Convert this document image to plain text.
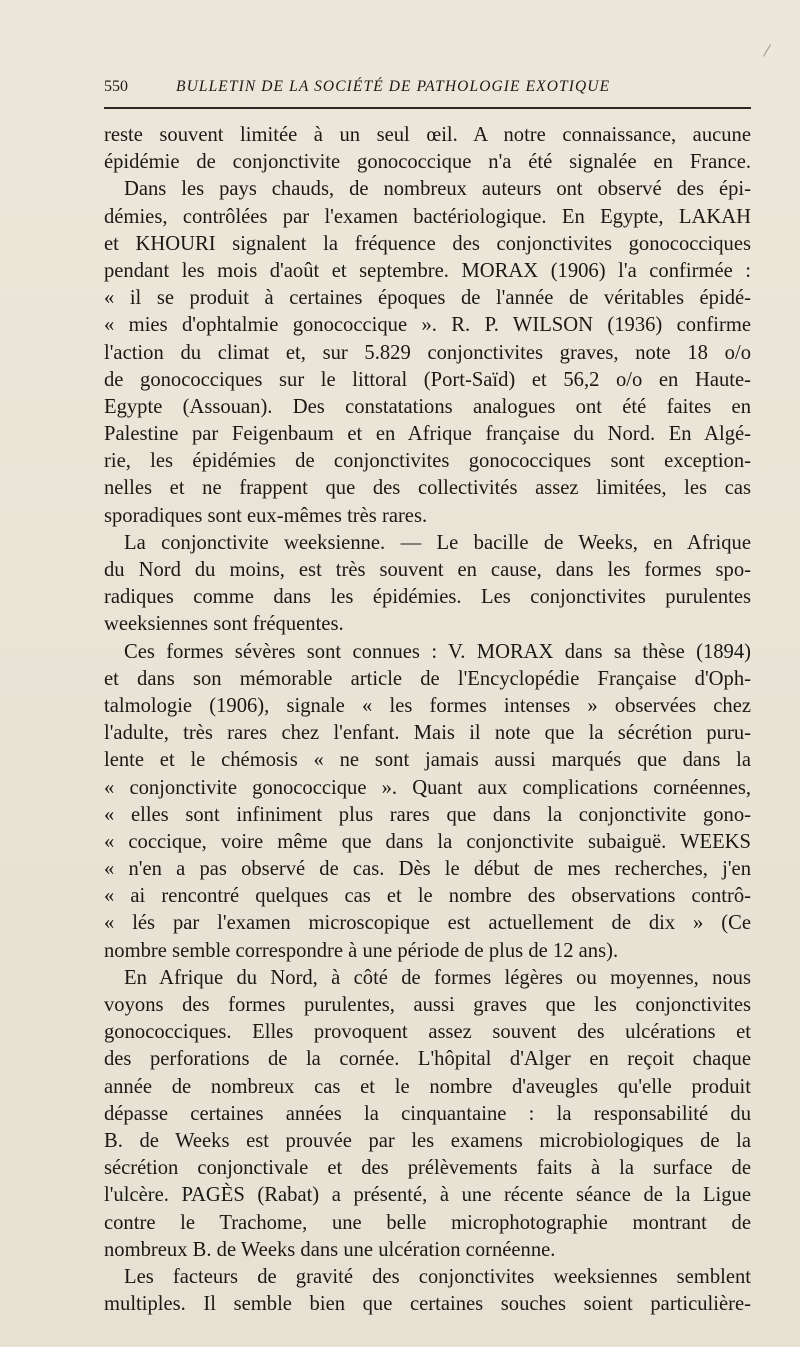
550	BULLETIN DE LA SOCIÉTÉ DE PATHOLOGIE EXOTIQUE
reste souvent limitée à un seul œil. A notre connaissance, aucune
épidémie de conjonctivite gonococcique n'a été signalée en France.
Dans les pays chauds, de nombreux auteurs ont observé des épi-
démies, contrôlées par l'examen bactériologique. En Egypte, LAKAH
et KHOURI signalent la fréquence des conjonctivites gonococciques
pendant les mois d'août et septembre. MORAX (1906) l'a confirmée :
« il se produit à certaines époques de l'année de véritables épidé-
« mies d'ophtalmie gonococcique ». R. P. WILSON (1936) confirme
l'action du climat et, sur 5.829 conjonctivites graves, note 18 o/o
de gonococciques sur le littoral (Port-Saïd) et 56,2 o/o en Haute-
Egypte (Assouan). Des constatations analogues ont été faites en
Palestine par Feigenbaum et en Afrique française du Nord. En Algé-
rie, les épidémies de conjonctivites gonococciques sont exception-
nelles et ne frappent que des collectivités assez limitées, les cas
sporadiques sont eux-mêmes très rares.
La conjonctivite weeksienne. — Le bacille de Weeks, en Afrique
du Nord du moins, est très souvent en cause, dans les formes spo-
radiques comme dans les épidémies. Les conjonctivites purulentes
weeksiennes sont fréquentes.
Ces formes sévères sont connues : V. MORAX dans sa thèse (1894)
et dans son mémorable article de l'Encyclopédie Française d'Oph-
talmologie (1906), signale « les formes intenses » observées chez
l'adulte, très rares chez l'enfant. Mais il note que la sécrétion puru-
lente et le chémosis « ne sont jamais aussi marqués que dans la
« conjonctivite gonococcique ». Quant aux complications cornéennes,
« elles sont infiniment plus rares que dans la conjonctivite gono-
« coccique, voire même que dans la conjonctivite subaiguë. WEEKS
« n'en a pas observé de cas. Dès le début de mes recherches, j'en
« ai rencontré quelques cas et le nombre des observations contrô-
« lés par l'examen microscopique est actuellement de dix » (Ce
nombre semble correspondre à une période de plus de 12 ans).
En Afrique du Nord, à côté de formes légères ou moyennes, nous
voyons des formes purulentes, aussi graves que les conjonctivites
gonococciques. Elles provoquent assez souvent des ulcérations et
des perforations de la cornée. L'hôpital d'Alger en reçoit chaque
année de nombreux cas et le nombre d'aveugles qu'elle produit
dépasse certaines années la cinquantaine : la responsabilité du
B. de Weeks est prouvée par les examens microbiologiques de la
sécrétion conjonctivale et des prélèvements faits à la surface de
l'ulcère. PAGÈS (Rabat) a présenté, à une récente séance de la Ligue
contre le Trachome, une belle microphotographie montrant de
nombreux B. de Weeks dans une ulcération cornéenne.
Les facteurs de gravité des conjonctivites weeksiennes semblent
multiples. Il semble bien que certaines souches soient particulière-
